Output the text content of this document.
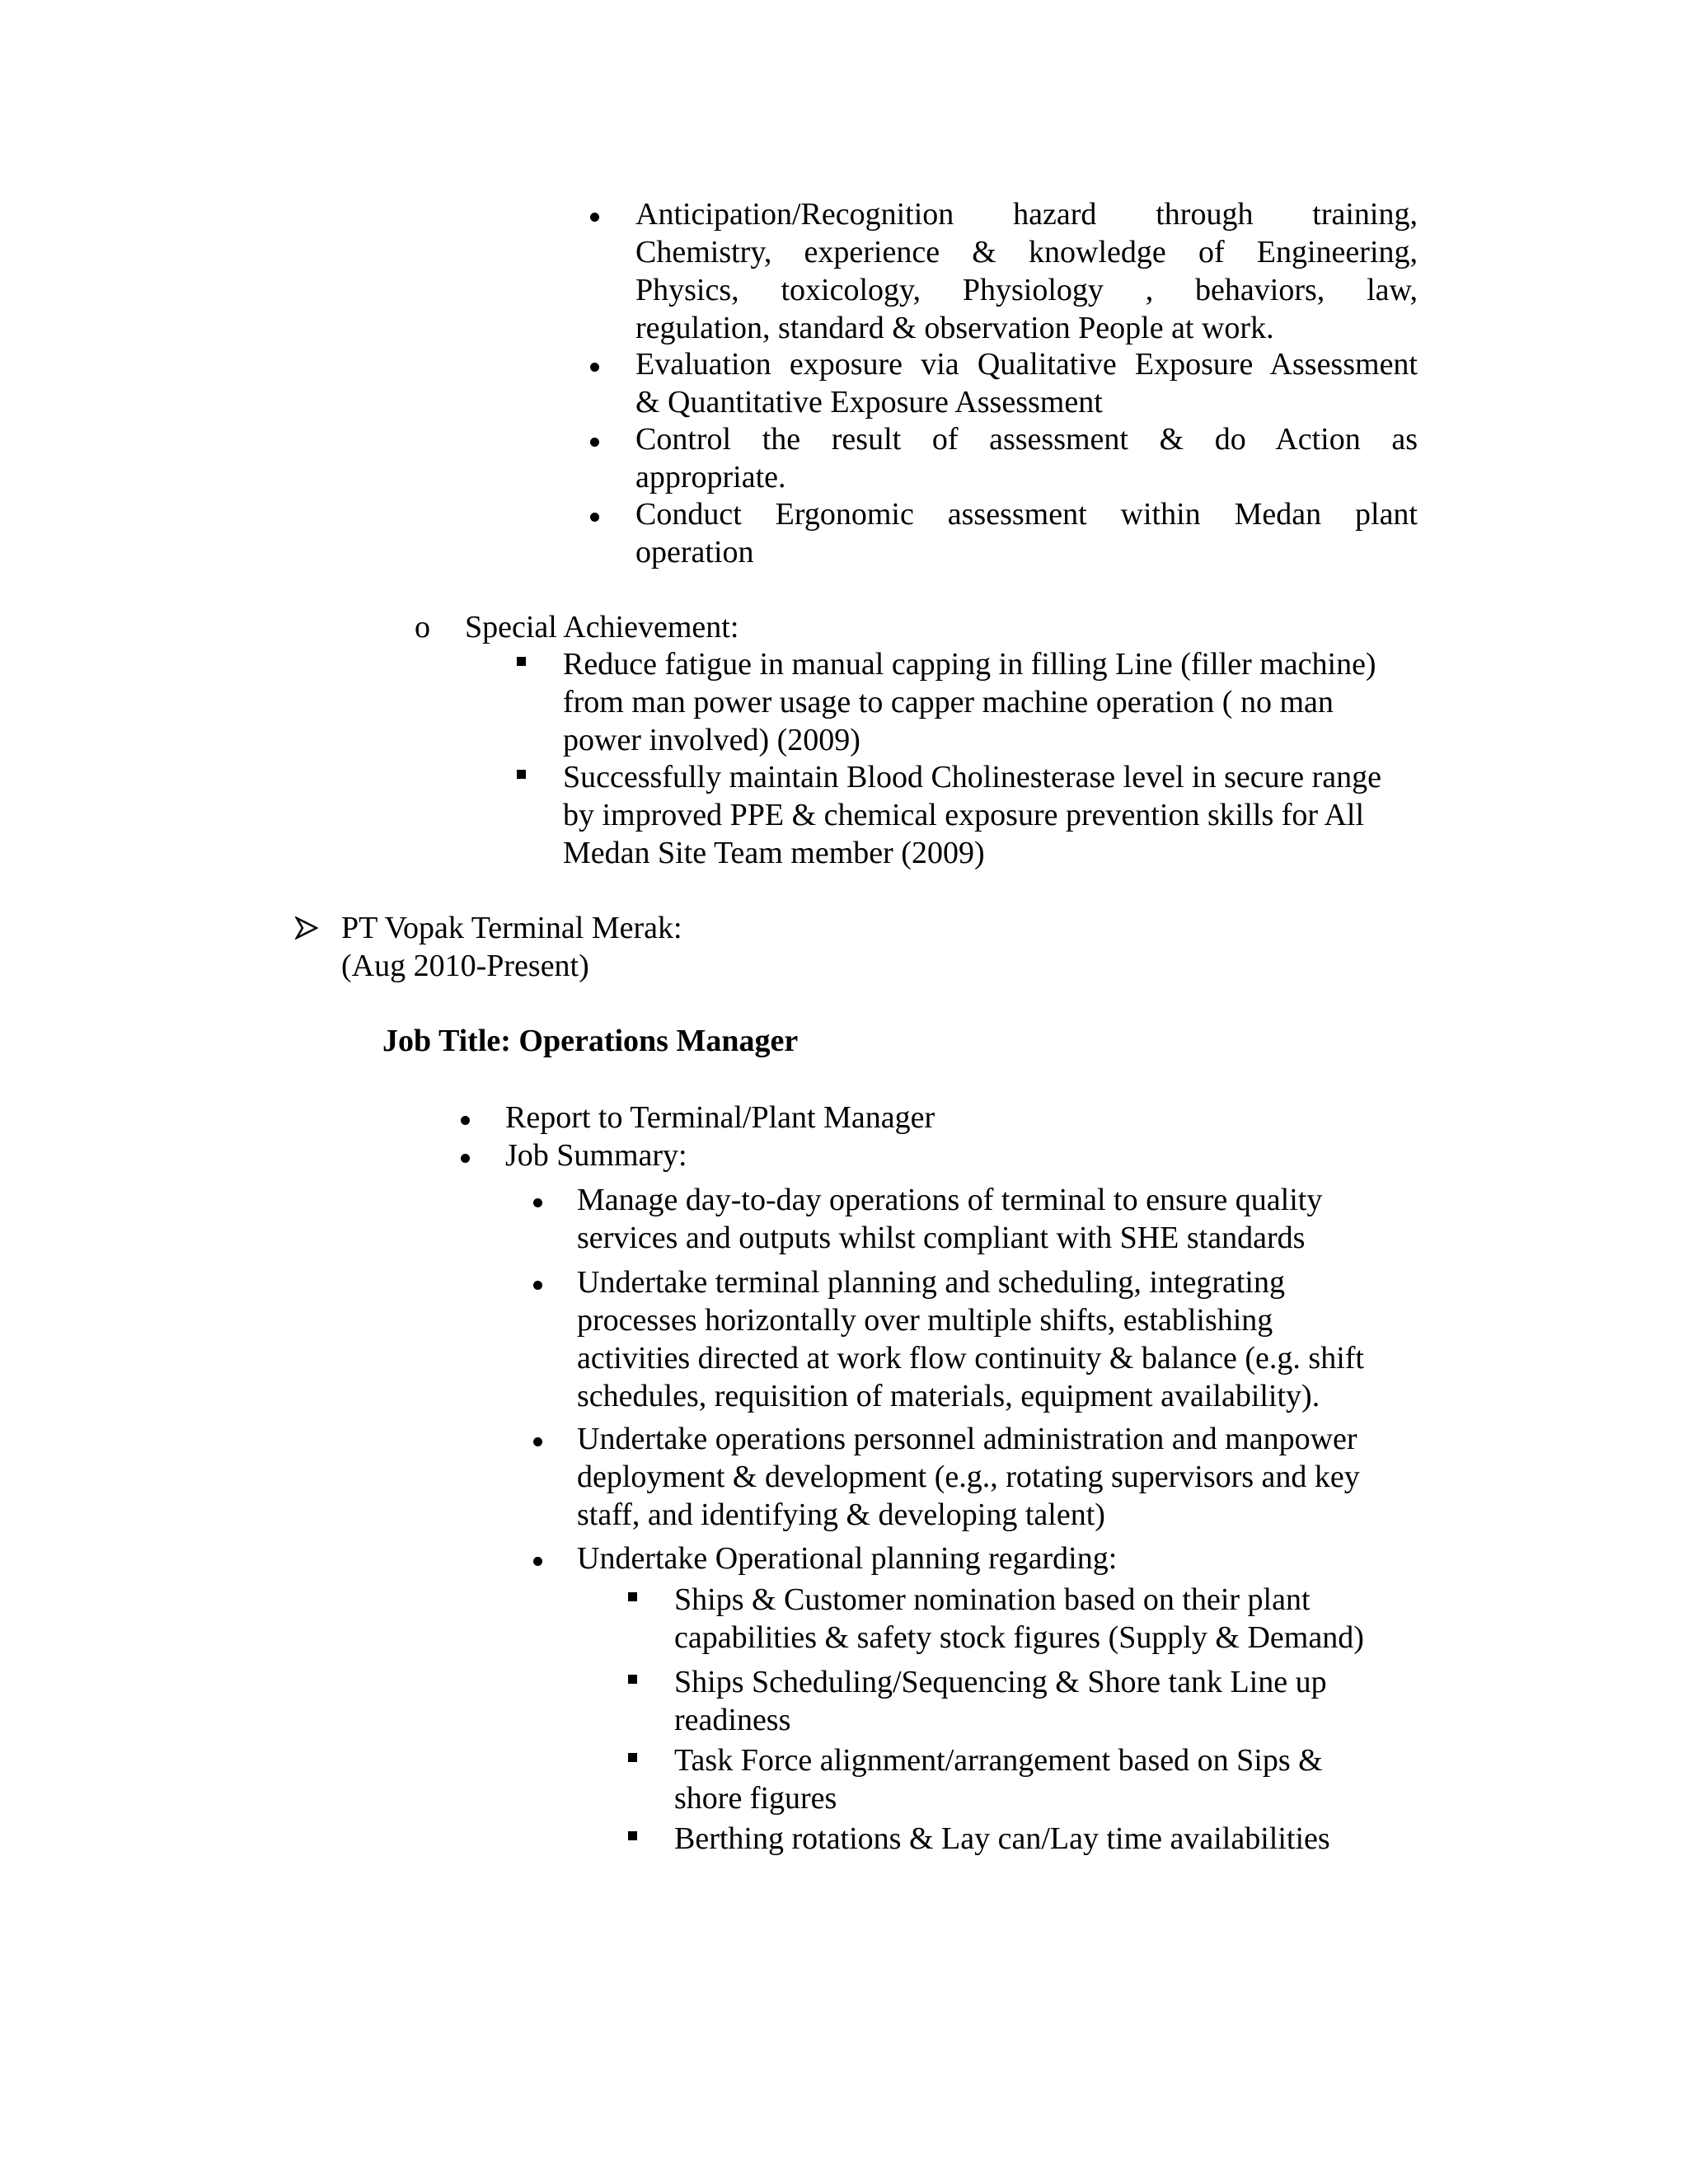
Anticipation/Recognition hazard through training,
Chemistry, experience & knowledge of Engineering,
Physics, toxicology, Physiology , behaviors, law,
regulation, standard & observation People at work.
Evaluation exposure via Qualitative Exposure Assessment
& Quantitative Exposure Assessment
Control the result of assessment & do Action as
appropriate.
Conduct Ergonomic assessment within Medan plant
operation
o Special Achievement:
Reduce fatigue in manual capping in filling Line (filler machine)
from man power usage to capper machine operation ( no man
power involved) (2009)
Successfully maintain Blood Cholinesterase level in secure range
by improved PPE & chemical exposure prevention skills for All
Medan Site Team member (2009)
PT Vopak Terminal Merak:
(Aug 2010-Present)
Job Title: Operations Manager
Report to Terminal/Plant Manager
Job Summary:
Manage day-to-day operations of terminal to ensure quality
services and outputs whilst compliant with SHE standards
Undertake terminal planning and scheduling, integrating
processes horizontally over multiple shifts, establishing
activities directed at work flow continuity & balance (e.g. shift
schedules, requisition of materials, equipment availability).
Undertake operations personnel administration and manpower
deployment & development (e.g., rotating supervisors and key
staff, and identifying & developing talent)
Undertake Operational planning regarding:
Ships & Customer nomination based on their plant
capabilities & safety stock figures (Supply & Demand)
Ships Scheduling/Sequencing & Shore tank Line up
readiness
Task Force alignment/arrangement based on Sips &
shore figures
Berthing rotations & Lay can/Lay time availabilities
